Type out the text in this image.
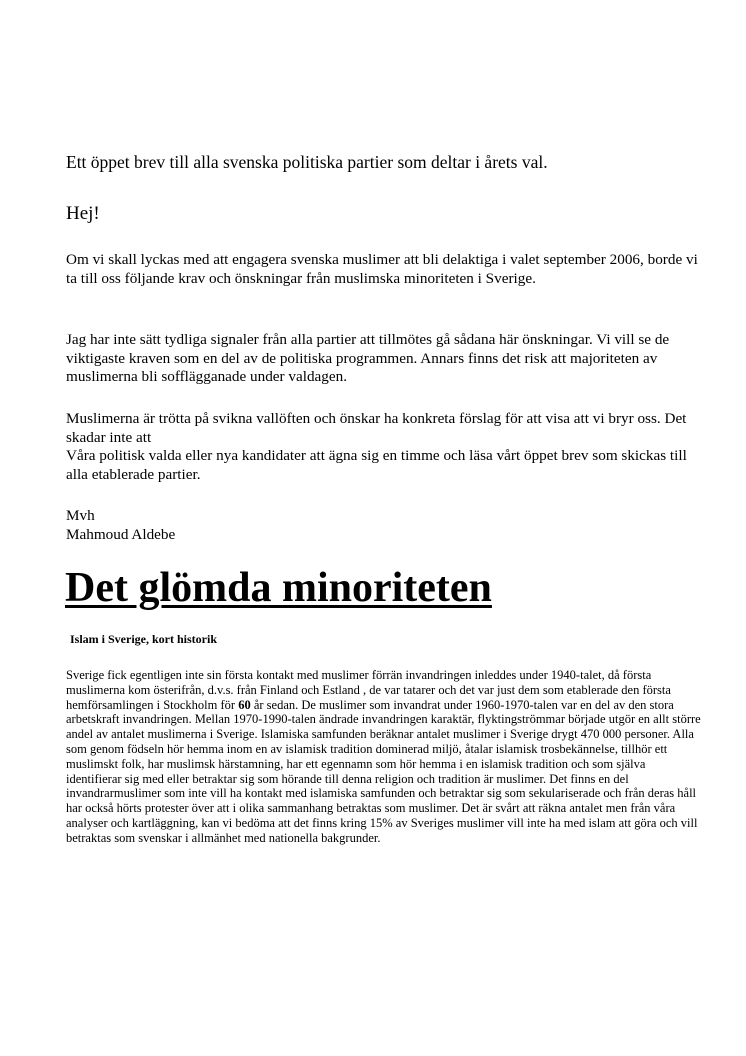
Ett öppet brev till alla svenska politiska partier som deltar i årets val.

Hej!

Om vi skall lyckas med att engagera svenska muslimer att bli delaktiga i valet september 2006, borde vi ta till oss följande krav och önskningar från muslimska minoriteten i Sverige.

Jag har inte sätt tydliga signaler från alla partier att tillmötes gå sådana här önskningar. Vi vill se de viktigaste kraven som en del av de politiska programmen. Annars finns det risk att majoriteten av muslimerna bli sofflägganade under valdagen.

Muslimerna är trötta på svikna vallöften och önskar ha konkreta förslag för att visa att vi bryr oss. Det skadar inte att
Våra politisk valda eller nya kandidater att ägna sig en timme och läsa vårt öppet brev som skickas till alla etablerade partier.
Mvh
Mahmoud Aldebe
Det glömda minoriteten
Islam i Sverige, kort historik

Sverige fick egentligen inte sin första kontakt med muslimer förrän invandringen inleddes under 1940-talet, då första muslimerna kom österifrån, d.v.s. från Finland och Estland , de var tatarer och det var just dem som etablerade den första hemförsamlingen i Stockholm för 60 år sedan. De muslimer som invandrat under 1960-1970-talen var en del av den stora arbetskraft invandringen. Mellan 1970-1990-talen ändrade invandringen karaktär, flyktingströmmar började utgör en allt större andel av antalet muslimerna i Sverige. Islamiska samfunden beräknar antalet muslimer i Sverige drygt 470 000 personer. Alla som genom födseln hör hemma inom en av islamisk tradition dominerad miljö, åtalar islamisk trosbekännelse, tillhör ett muslimskt folk, har muslimsk härstamning, har ett egennamn som hör hemma i en islamisk tradition och som själva identifierar sig med eller betraktar sig som hörande till denna religion och tradition är muslimer. Det finns en del invandrarmuslimer som inte vill ha kontakt med islamiska samfunden och betraktar sig som sekulariserade och från deras håll har också hörts protester över att i olika sammanhang betraktas som muslimer. Det är svårt att räkna antalet men från våra analyser och kartläggning, kan vi bedöma att det finns kring 15% av Sveriges muslimer vill inte ha med islam att göra och vill betraktas som svenskar i allmänhet med nationella bakgrunder.
